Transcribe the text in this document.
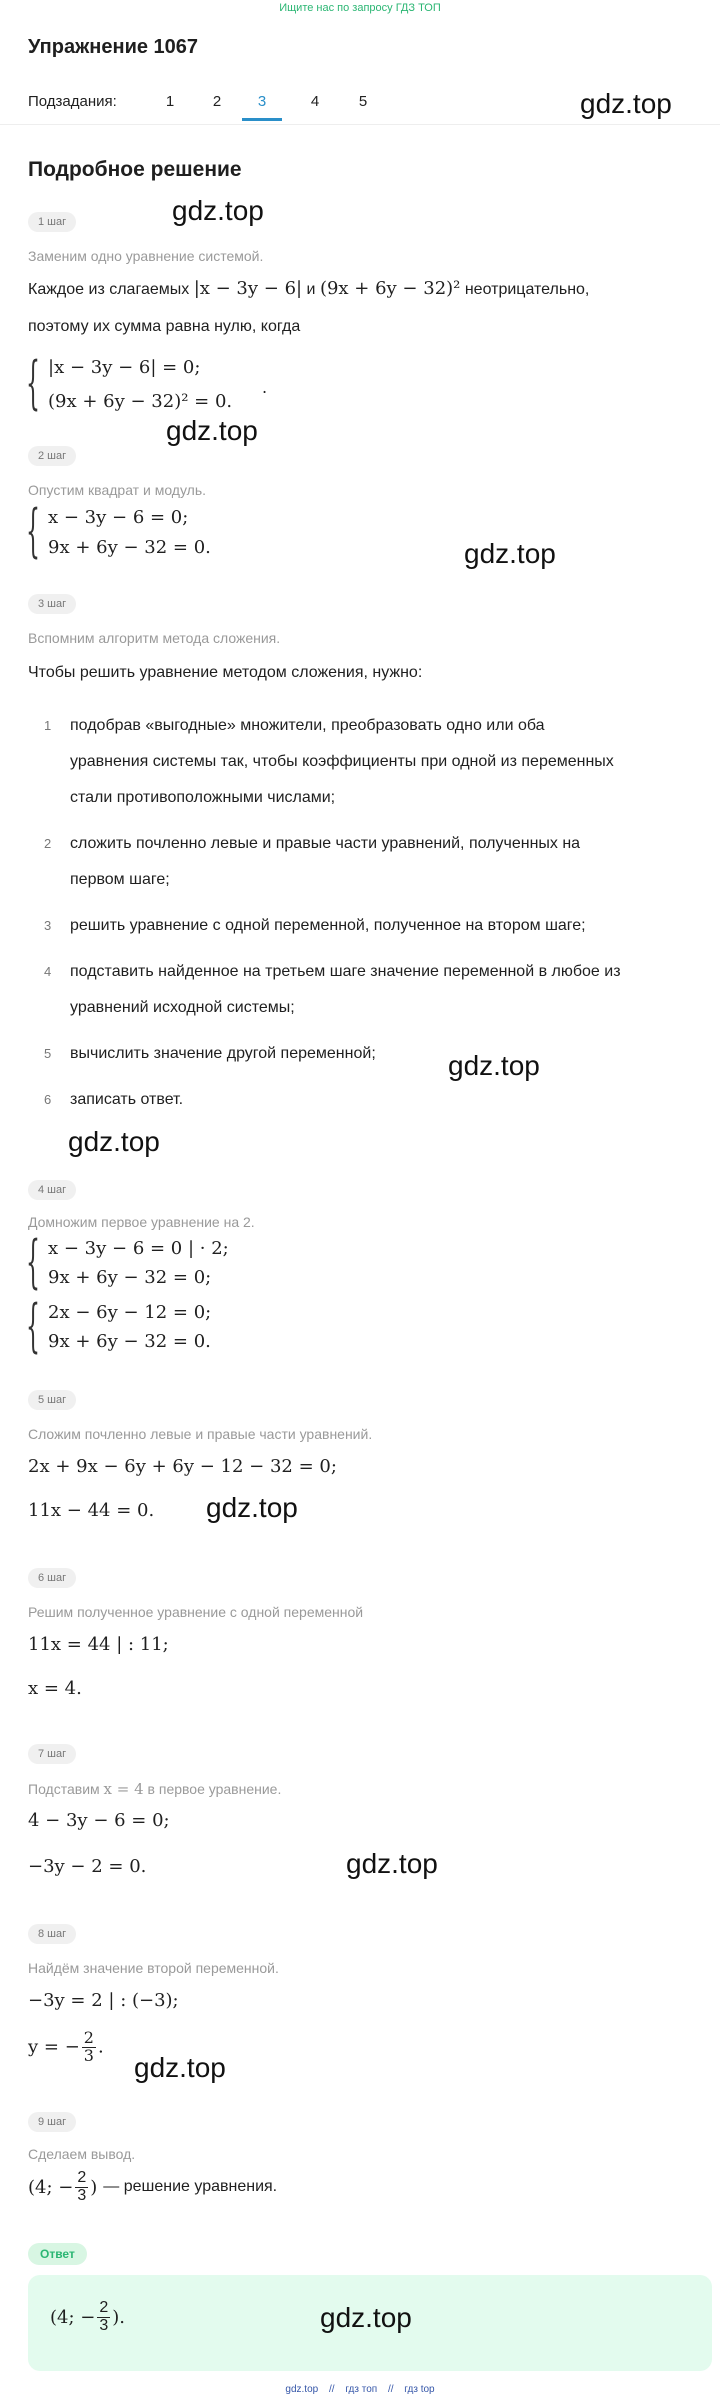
Ищите нас по запросу ГДЗ ТОП
Упражнение 1067
Подзадания:	1	2	3	4	5	gdz.top
Подробное решение
1 шаг	gdz.top
Заменим одно уравнение системой.
Каждое из слагаемых |x − 3y − 6| и (9x + 6y − 32)² неотрицательно,
поэтому их сумма равна нулю, когда
{ |x − 3y − 6| = 0;
(9x + 6y − 32)² = 0.
.
gdz.top
2 шаг
Опустим квадрат и модуль.
{ x − 3y − 6 = 0;
9x + 6y − 32 = 0.	gdz.top
3 шаг
Вспомним алгоритм метода сложения.
Чтобы решить уравнение методом сложения, нужно:
1	подобрав «выгодные» множители, преобразовать одно или оба
уравнения системы так, чтобы коэффициенты при одной из переменных
стали противоположными числами;
2	сложить почленно левые и правые части уравнений, полученных на
первом шаге;
3	решить уравнение с одной переменной, полученное на втором шаге;
4	подставить найденное на третьем шаге значение переменной в любое из
уравнений исходной системы;
5	вычислить значение другой переменной;	gdz.top
6	записать ответ.
gdz.top
4 шаг
Домножим первое уравнение на 2.
{ x − 3y − 6 = 0 | · 2;
9x + 6y − 32 = 0;
{ 2x − 6y − 12 = 0;
9x + 6y − 32 = 0.
5 шаг
Сложим почленно левые и правые части уравнений.
2x + 9x − 6y + 6y − 12 − 32 = 0;
11x − 44 = 0. gdz.top
6 шаг
Решим полученное уравнение с одной переменной
11x = 44 | : 11;
x = 4.
7 шаг
Подставим x = 4 в первое уравнение.
4 − 3y − 6 = 0;
−3y − 2 = 0.	gdz.top
8 шаг
Найдём значение второй переменной.
−3y = 2 | : (−3);
y = − $\frac{2}{3}$ .
gdz.top
9 шаг
Сделаем вывод.
(4; − $\frac{2}{3}$ ) — решение уравнения.
Ответ
(4; − $\frac{2}{3}$ ).	gdz.top
gdz.top // гдз топ // гдз top
